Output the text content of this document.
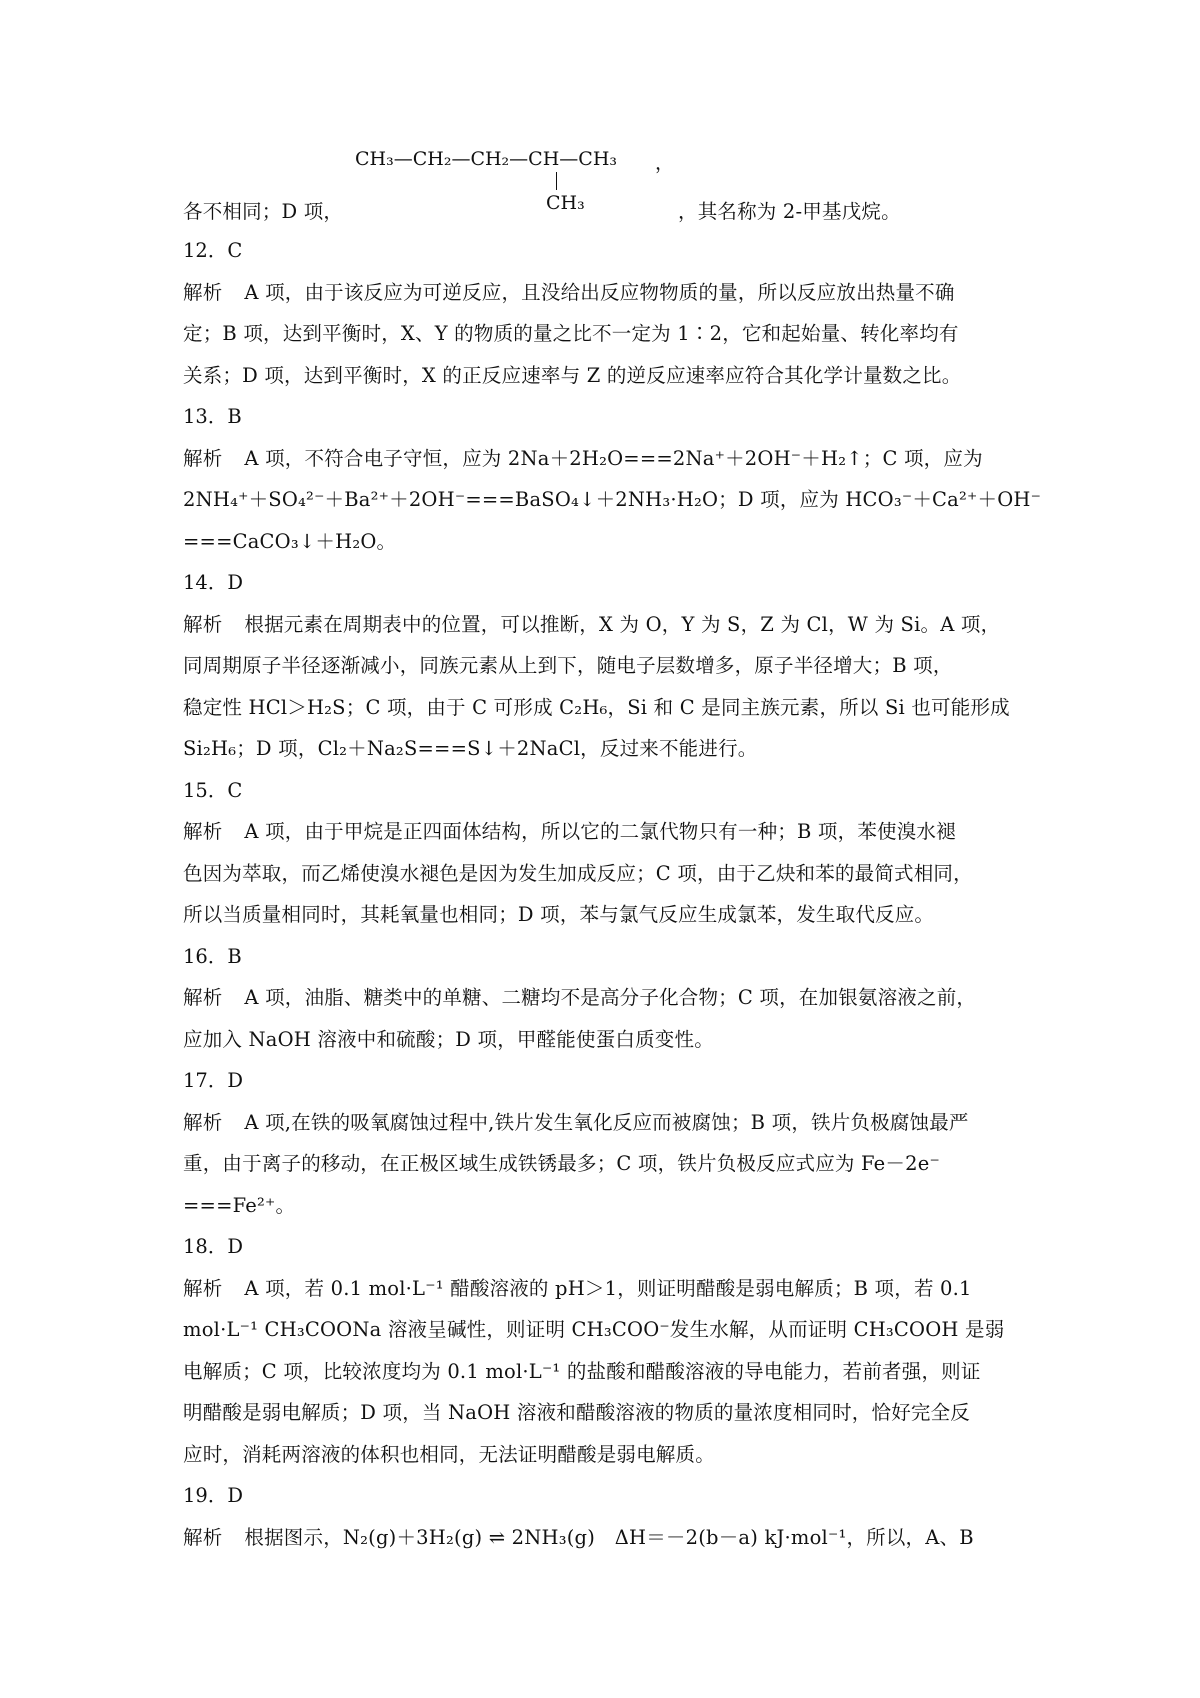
CH₃—CH₂—CH₂—CH—CH₃ ，
CH₃
各不相同；D 项，	，其名称为 2-甲基戊烷。
12．C
解析 A 项，由于该反应为可逆反应，且没给出反应物物质的量，所以反应放出热量不确
定；B 项，达到平衡时，X、Y 的物质的量之比不一定为 1∶2，它和起始量、转化率均有
关系；D 项，达到平衡时，X 的正反应速率与 Z 的逆反应速率应符合其化学计量数之比。
13．B
解析 A 项，不符合电子守恒，应为 2Na＋2H₂O===2Na⁺＋2OH⁻＋H₂↑；C 项，应为
2NH₄⁺＋SO₄²⁻＋Ba²⁺＋2OH⁻===BaSO₄↓＋2NH₃·H₂O；D 项，应为 HCO₃⁻＋Ca²⁺＋OH⁻
===CaCO₃↓＋H₂O。
14．D
解析 根据元素在周期表中的位置，可以推断，X 为 O，Y 为 S，Z 为 Cl，W 为 Si。A 项，
同周期原子半径逐渐减小，同族元素从上到下，随电子层数增多，原子半径增大；B 项，
稳定性 HCl＞H₂S；C 项，由于 C 可形成 C₂H₆，Si 和 C 是同主族元素，所以 Si 也可能形成
Si₂H₆；D 项，Cl₂＋Na₂S===S↓＋2NaCl，反过来不能进行。
15．C
解析 A 项，由于甲烷是正四面体结构，所以它的二氯代物只有一种；B 项，苯使溴水褪
色因为萃取，而乙烯使溴水褪色是因为发生加成反应；C 项，由于乙炔和苯的最简式相同，
所以当质量相同时，其耗氧量也相同；D 项，苯与氯气反应生成氯苯，发生取代反应。
16．B
解析 A 项，油脂、糖类中的单糖、二糖均不是高分子化合物；C 项，在加银氨溶液之前，
应加入 NaOH 溶液中和硫酸；D 项，甲醛能使蛋白质变性。
17．D
解析 A 项,在铁的吸氧腐蚀过程中,铁片发生氧化反应而被腐蚀；B 项，铁片负极腐蚀最严
重，由于离子的移动，在正极区域生成铁锈最多；C 项，铁片负极反应式应为 Fe－2e⁻
===Fe²⁺。
18．D
解析 A 项，若 0.1 mol·L⁻¹ 醋酸溶液的 pH＞1，则证明醋酸是弱电解质；B 项，若 0.1
mol·L⁻¹ CH₃COONa 溶液呈碱性，则证明 CH₃COO⁻发生水解，从而证明 CH₃COOH 是弱
电解质；C 项，比较浓度均为 0.1 mol·L⁻¹ 的盐酸和醋酸溶液的导电能力，若前者强，则证
明醋酸是弱电解质；D 项，当 NaOH 溶液和醋酸溶液的物质的量浓度相同时，恰好完全反
应时，消耗两溶液的体积也相同，无法证明醋酸是弱电解质。
19．D
解析 根据图示，N₂(g)＋3H₂(g) ⇌ 2NH₃(g)　ΔH＝－2(b－a) kJ·mol⁻¹，所以，A、B
